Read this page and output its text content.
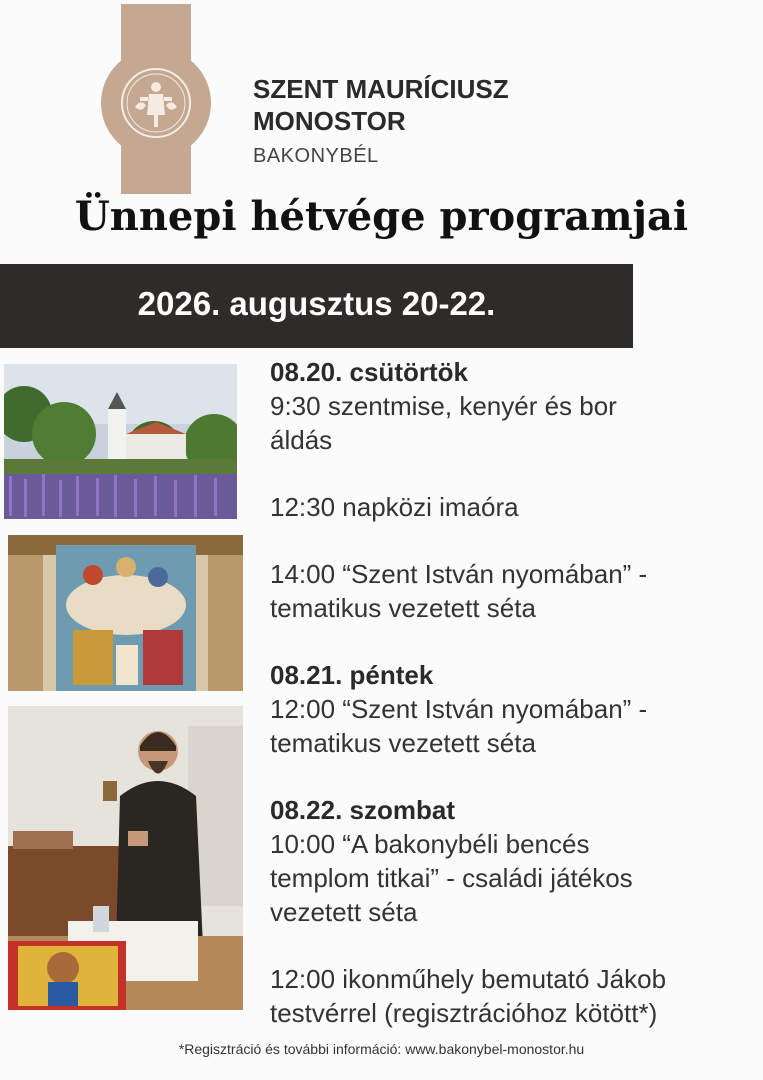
SZENT MAURÍCIUSZ
MONOSTOR
BAKONYBÉL
Ünnepi hétvége programjai
2026. augusztus 20-22.
08.20. csütörtök
9:30 szentmise, kenyér és bor
áldás
12:30 napközi imaóra
14:00 “Szent István nyomában” -
tematikus vezetett séta
08.21. péntek
12:00 “Szent István nyomában” -
tematikus vezetett séta
08.22. szombat
10:00 “A bakonybéli bencés
templom titkai” - családi játékos
vezetett séta
12:00 ikonműhely bemutató Jákob
testvérrel (regisztrációhoz kötött*)
*Regisztráció és további információ: www.bakonybel-monostor.hu
